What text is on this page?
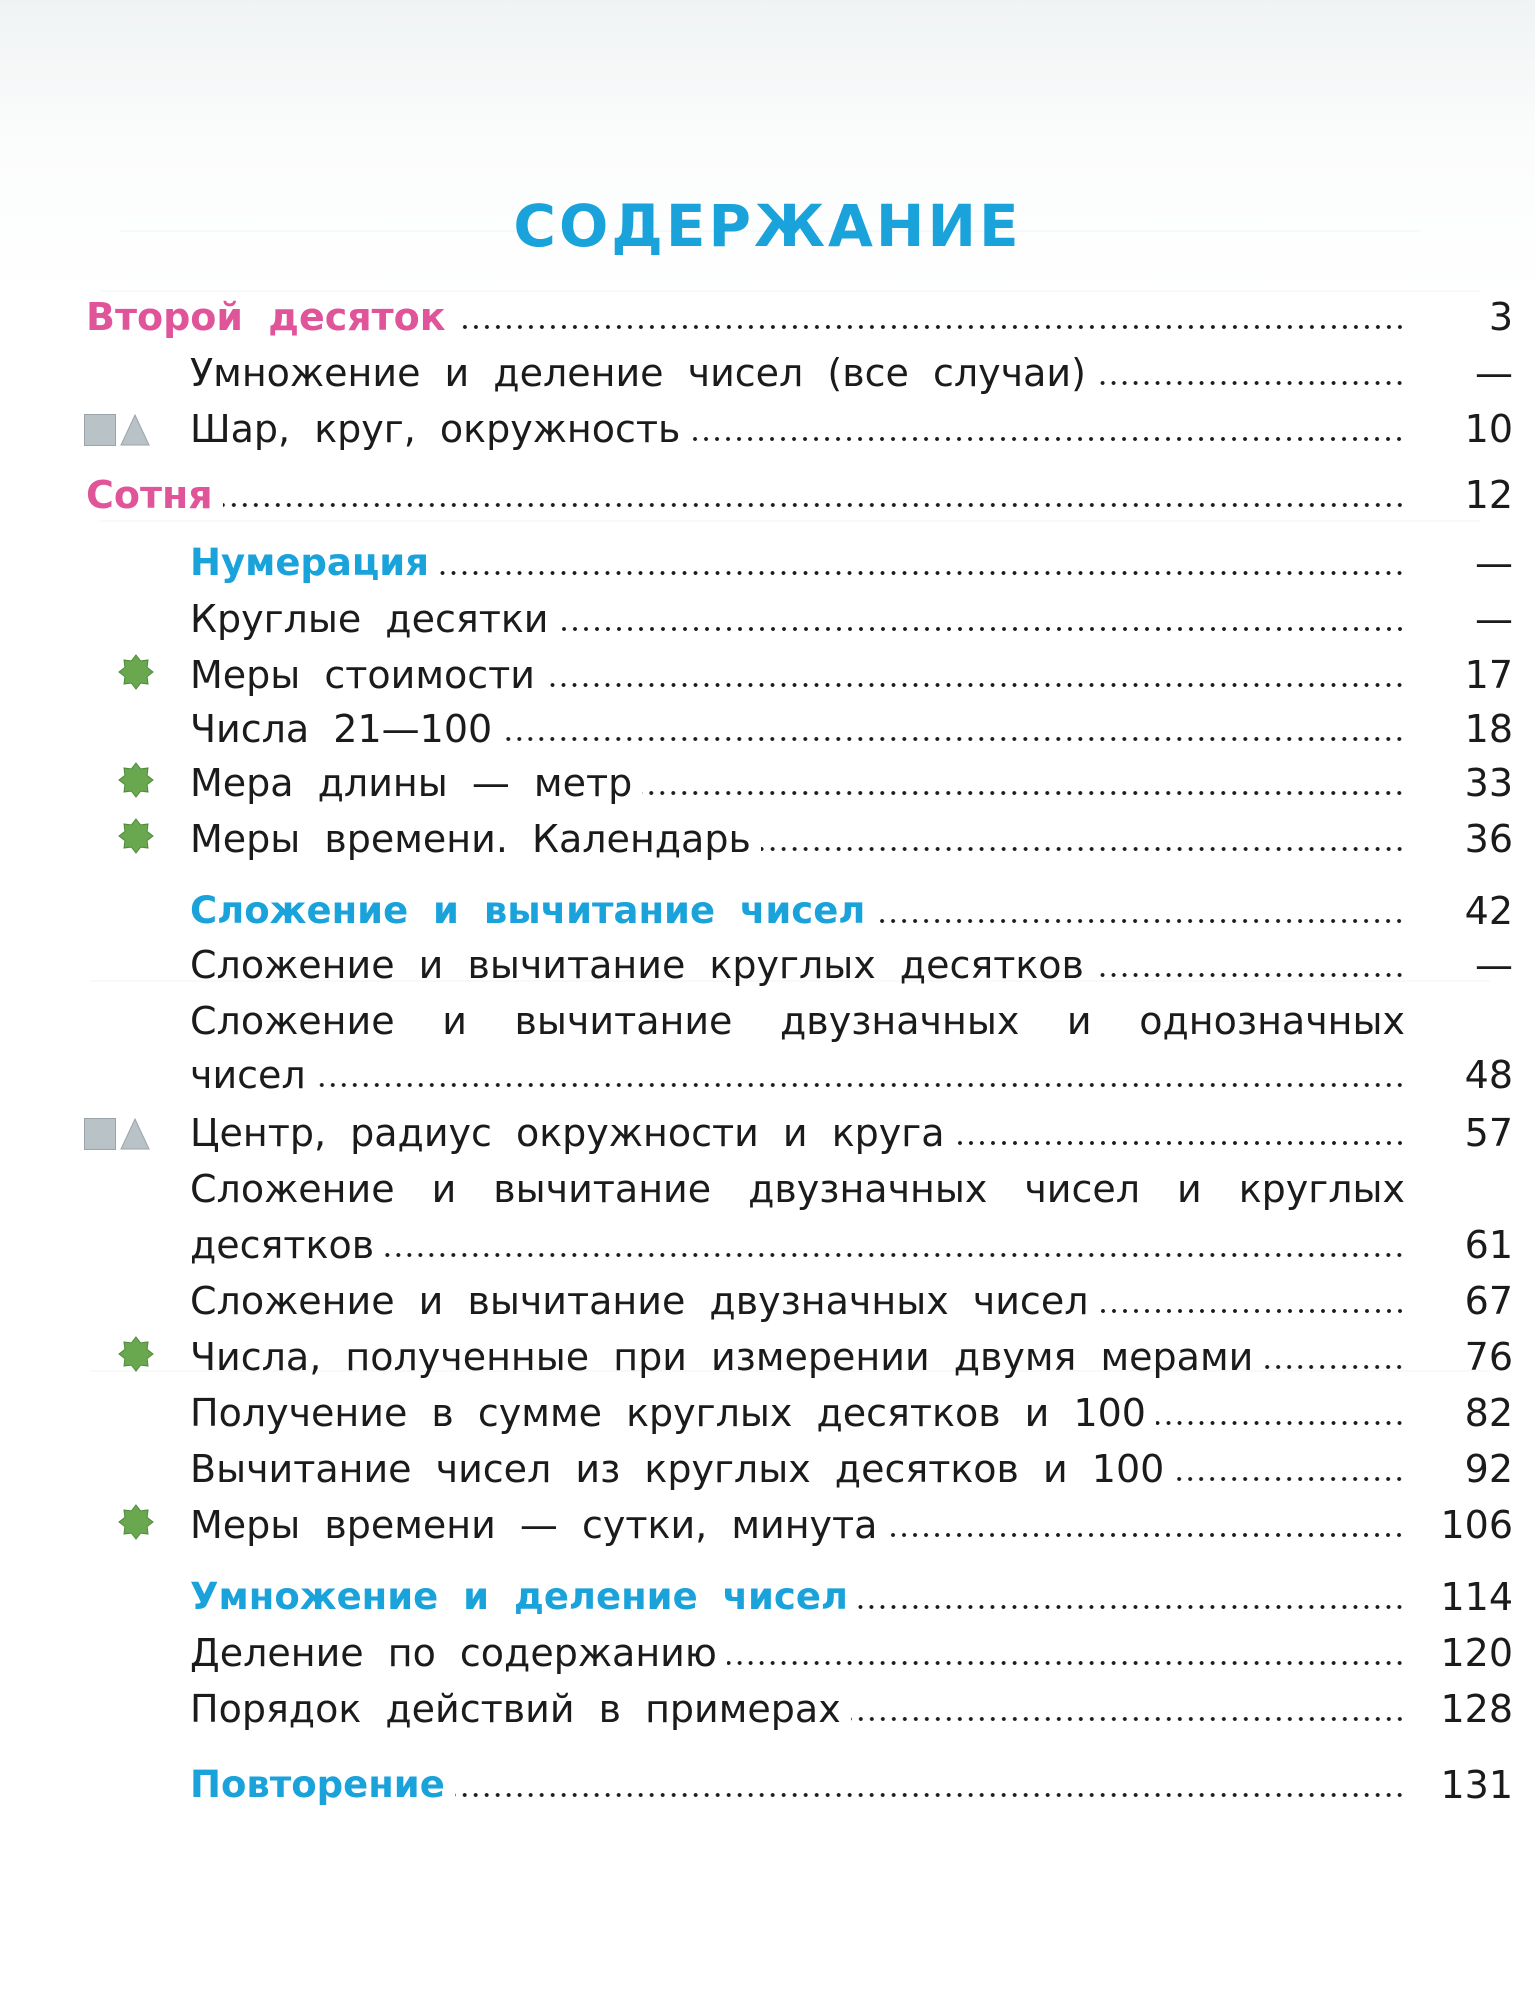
СОДЕРЖАНИЕ
Второй десяток	3
Умножение и деление чисел (все случаи)	—
Шар, круг, окружность	10
Сотня	12
Нумерация	—
Круглые десятки	—
Меры стоимости	17
Числа 21—100	18
Мера длины — метр	33
Меры времени. Календарь	36
Сложение и вычитание чисел	42
Сложение и вычитание круглых десятков	—
Сложение и вычитание двузначных и однозначных
чисел	48
Центр, радиус окружности и круга	57
Сложение и вычитание двузначных чисел и круглых
десятков	61
Сложение и вычитание двузначных чисел	67
Числа, полученные при измерении двумя мерами	76
Получение в сумме круглых десятков и 100	82
Вычитание чисел из круглых десятков и 100	92
Меры времени — сутки, минута	106
Умножение и деление чисел	114
Деление по содержанию	120
Порядок действий в примерах	128
Повторение	131
